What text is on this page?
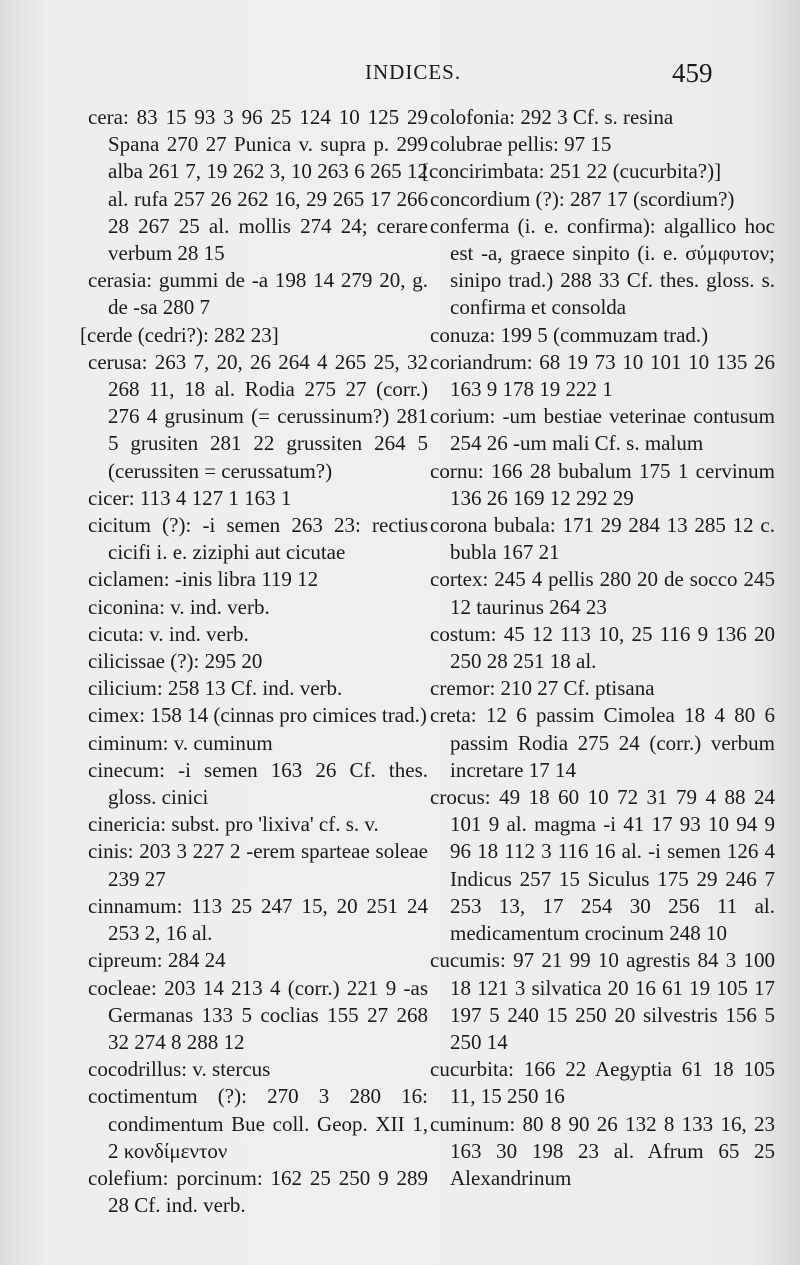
INDICES.	459

cera: 83 15 93 3 96 25 124 10 125 29 Spana 270 27 Punica v. supra p. 299 alba 261 7, 19 262 3, 10 263 6 265 12 al. rufa 257 26 262 16, 29 265 17 266 28 267 25 al. mollis 274 24; cerare verbum 28 15

cerasia: gummi de -a 198 14 279 20, g. de -sa 280 7

[cerde (cedri?): 282 23]

cerusa: 263 7, 20, 26 264 4 265 25, 32 268 11, 18 al. Rodia 275 27 (corr.) 276 4 grusinum (= cerussinum?) 281 5 grusiten 281 22 grussiten 264 5 (cerussiten = cerussatum?)

cicer: 113 4 127 1 163 1

cicitum (?): -i semen 263 23: rectius cicifi i. e. ziziphi aut cicutae

ciclamen: -inis libra 119 12

ciconina: v. ind. verb.

cicuta: v. ind. verb.

cilicissae (?): 295 20

cilicium: 258 13 Cf. ind. verb.

cimex: 158 14 (cinnas pro cimices trad.)

ciminum: v. cuminum

cinecum: -i semen 163 26 Cf. thes. gloss. cinici

cinericia: subst. pro 'lixiva' cf. s. v.

cinis: 203 3 227 2 -erem sparteae soleae 239 27

cinnamum: 113 25 247 15, 20 251 24 253 2, 16 al.

cipreum: 284 24

cocleae: 203 14 213 4 (corr.) 221 9 -as Germanas 133 5 coclias 155 27 268 32 274 8 288 12

cocodrillus: v. stercus

coctimentum (?): 270 3 280 16: condimentum Bue coll. Geop. XII 1, 2 κονδίμεντον

colefium: porcinum: 162 25 250 9 289 28 Cf. ind. verb.

colofonia: 292 3 Cf. s. resina

colubrae pellis: 97 15

[concirimbata: 251 22 (cucurbita?)]

concordium (?): 287 17 (scordium?)

conferma (i. e. confirma): algallico hoc est -a, graece sinpito (i. e. σύμφυτον; sinipo trad.) 288 33 Cf. thes. gloss. s. confirma et consolda

conuza: 199 5 (commuzam trad.)

coriandrum: 68 19 73 10 101 10 135 26 163 9 178 19 222 1

corium: -um bestiae veterinae contusum 254 26 -um mali Cf. s. malum

cornu: 166 28 bubalum 175 1 cervinum 136 26 169 12 292 29

corona bubala: 171 29 284 13 285 12 c. bubla 167 21

cortex: 245 4 pellis 280 20 de socco 245 12 taurinus 264 23

costum: 45 12 113 10, 25 116 9 136 20 250 28 251 18 al.

cremor: 210 27 Cf. ptisana

creta: 12 6 passim Cimolea 18 4 80 6 passim Rodia 275 24 (corr.) verbum incretare 17 14

crocus: 49 18 60 10 72 31 79 4 88 24 101 9 al. magma -i 41 17 93 10 94 9 96 18 112 3 116 16 al. -i semen 126 4 Indicus 257 15 Siculus 175 29 246 7 253 13, 17 254 30 256 11 al. medicamentum crocinum 248 10

cucumis: 97 21 99 10 agrestis 84 3 100 18 121 3 silvatica 20 16 61 19 105 17 197 5 240 15 250 20 silvestris 156 5 250 14

cucurbita: 166 22 Aegyptia 61 18 105 11, 15 250 16

cuminum: 80 8 90 26 132 8 133 16, 23 163 30 198 23 al. Afrum 65 25 Alexandrinum
